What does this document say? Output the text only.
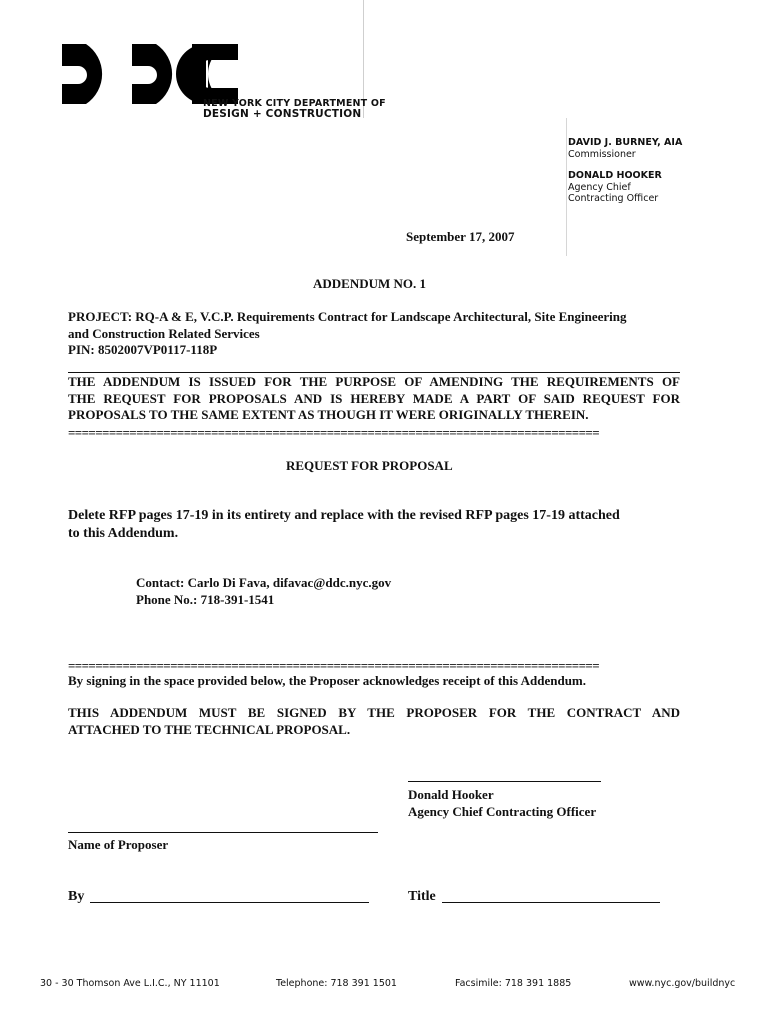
NEW YORK CITY DEPARTMENT OF
DESIGN + CONSTRUCTION
DAVID J. BURNEY, AIA
Commissioner
DONALD HOOKER
Agency Chief
Contracting Officer
September 17, 2007
ADDENDUM NO. 1
PROJECT: RQ-A & E, V.C.P. Requirements Contract for Landscape Architectural, Site Engineering
and Construction Related Services
PIN: 8502007VP0117-118P
THE ADDENDUM IS ISSUED FOR THE PURPOSE OF AMENDING THE REQUIREMENTS OF
THE REQUEST FOR PROPOSALS AND IS HEREBY MADE A PART OF SAID REQUEST FOR
PROPOSALS TO THE SAME EXTENT AS THOUGH IT WERE ORIGINALLY THEREIN.
==============================================================================
REQUEST FOR PROPOSAL
Delete RFP pages 17-19 in its entirety and replace with the revised RFP pages 17-19 attached
to this Addendum.
Contact: Carlo Di Fava, difavac@ddc.nyc.gov
Phone No.: 718-391-1541
==============================================================================
By signing in the space provided below, the Proposer acknowledges receipt of this Addendum.
THIS ADDENDUM MUST BE SIGNED BY THE PROPOSER FOR THE CONTRACT AND
ATTACHED TO THE TECHNICAL PROPOSAL.
Donald Hooker
Agency Chief Contracting Officer
Name of Proposer
By	Title
30 - 30 Thomson Ave L.I.C., NY 11101	Telephone: 718 391 1501	Facsimile: 718 391 1885	www.nyc.gov/buildnyc
